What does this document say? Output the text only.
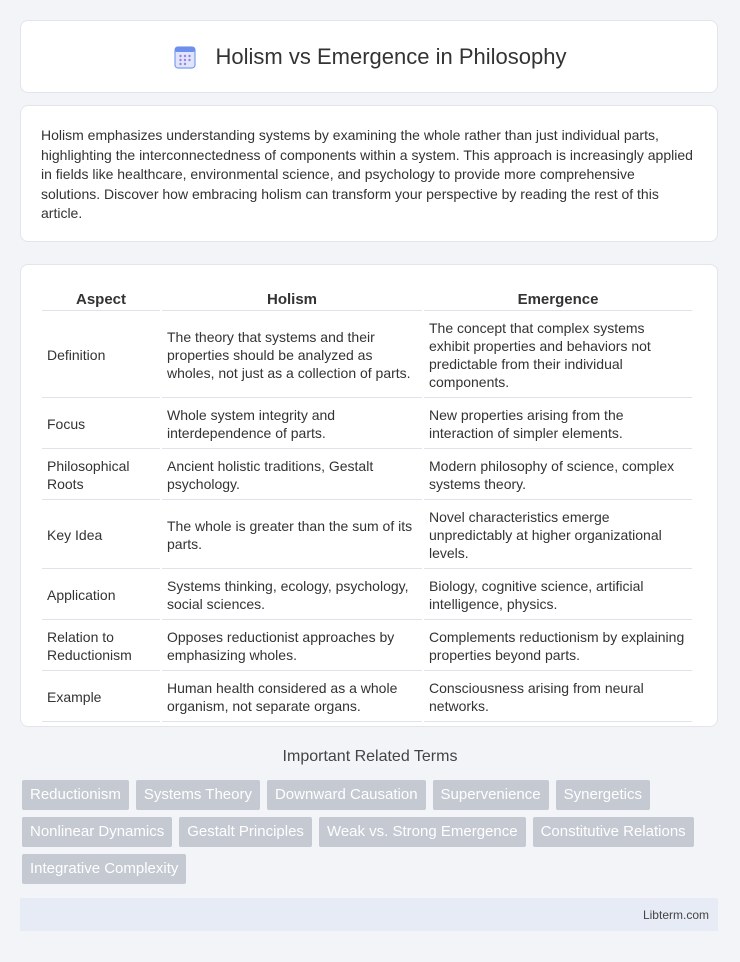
Holism vs Emergence in Philosophy

Holism emphasizes understanding systems by examining the whole rather than just individual parts, highlighting the interconnectedness of components within a system. This approach is increasingly applied in fields like healthcare, environmental science, and psychology to provide more comprehensive solutions. Discover how embracing holism can transform your perspective by reading the rest of this article.

Aspect	Holism	Emergence
Definition	The theory that systems and their properties should be analyzed as wholes, not just as a collection of parts.	The concept that complex systems exhibit properties and behaviors not predictable from their individual components.
Focus	Whole system integrity and interdependence of parts.	New properties arising from the interaction of simpler elements.
Philosophical Roots	Ancient holistic traditions, Gestalt psychology.	Modern philosophy of science, complex systems theory.
Key Idea	The whole is greater than the sum of its parts.	Novel characteristics emerge unpredictably at higher organizational levels.
Application	Systems thinking, ecology, psychology, social sciences.	Biology, cognitive science, artificial intelligence, physics.
Relation to Reductionism	Opposes reductionist approaches by emphasizing wholes.	Complements reductionism by explaining properties beyond parts.
Example	Human health considered as a whole organism, not separate organs.	Consciousness arising from neural networks.
Important Related Terms
Reductionism	Systems Theory	Downward Causation	Supervenience	Synergetics
Nonlinear Dynamics	Gestalt Principles	Weak vs. Strong Emergence	Constitutive Relations
Integrative Complexity
Libterm.com
